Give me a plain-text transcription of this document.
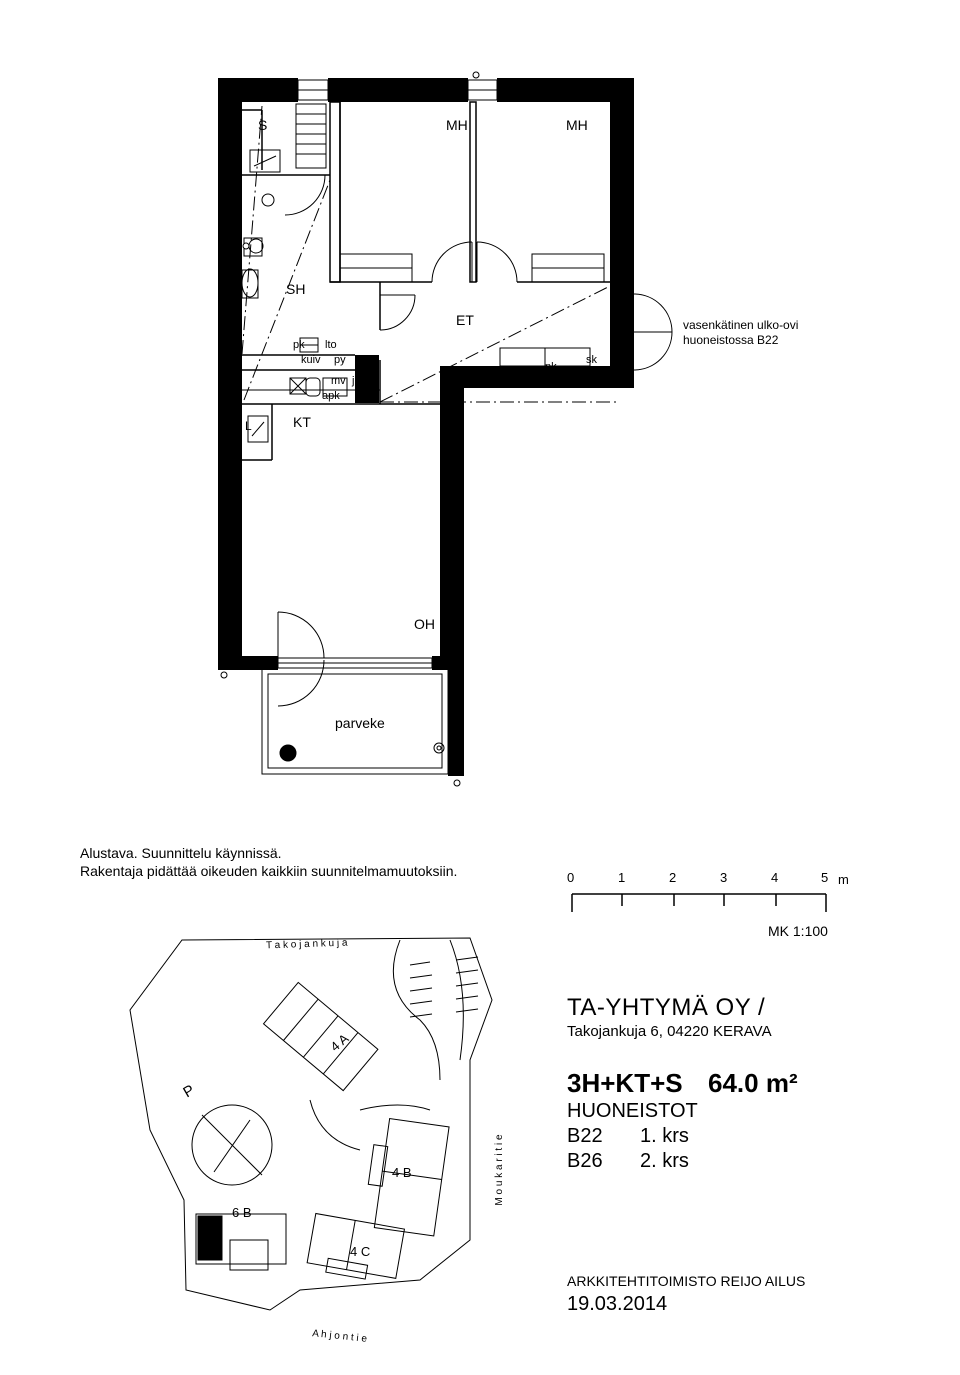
S	MH	MH
SH
ET
KT
L
OH
parveke
pk
kuiv
lto
py
mv
apk
jk
pak
nk
sk
vasenkätinen ulko-ovi
huoneistossa B22
Alustava. Suunnittelu käynnissä.
Rakentaja pidättää oikeuden kaikkiin suunnitelmamuutoksiin.	0	1	2	3	4	5 m
MK 1:100
T a k o j a n k u j a
M o u k a r i t i e
A h j o n t i e
P
4 A
4 B
6 B
4 C
TA-YHTYMÄ OY /
Takojankuja 6, 04220 KERAVA
3H+KT+S 64.0 m²
HUONEISTOT
B22 1. krs
B26 2. krs
ARKKITEHTITOIMISTO REIJO AILUS
19.03.2014
